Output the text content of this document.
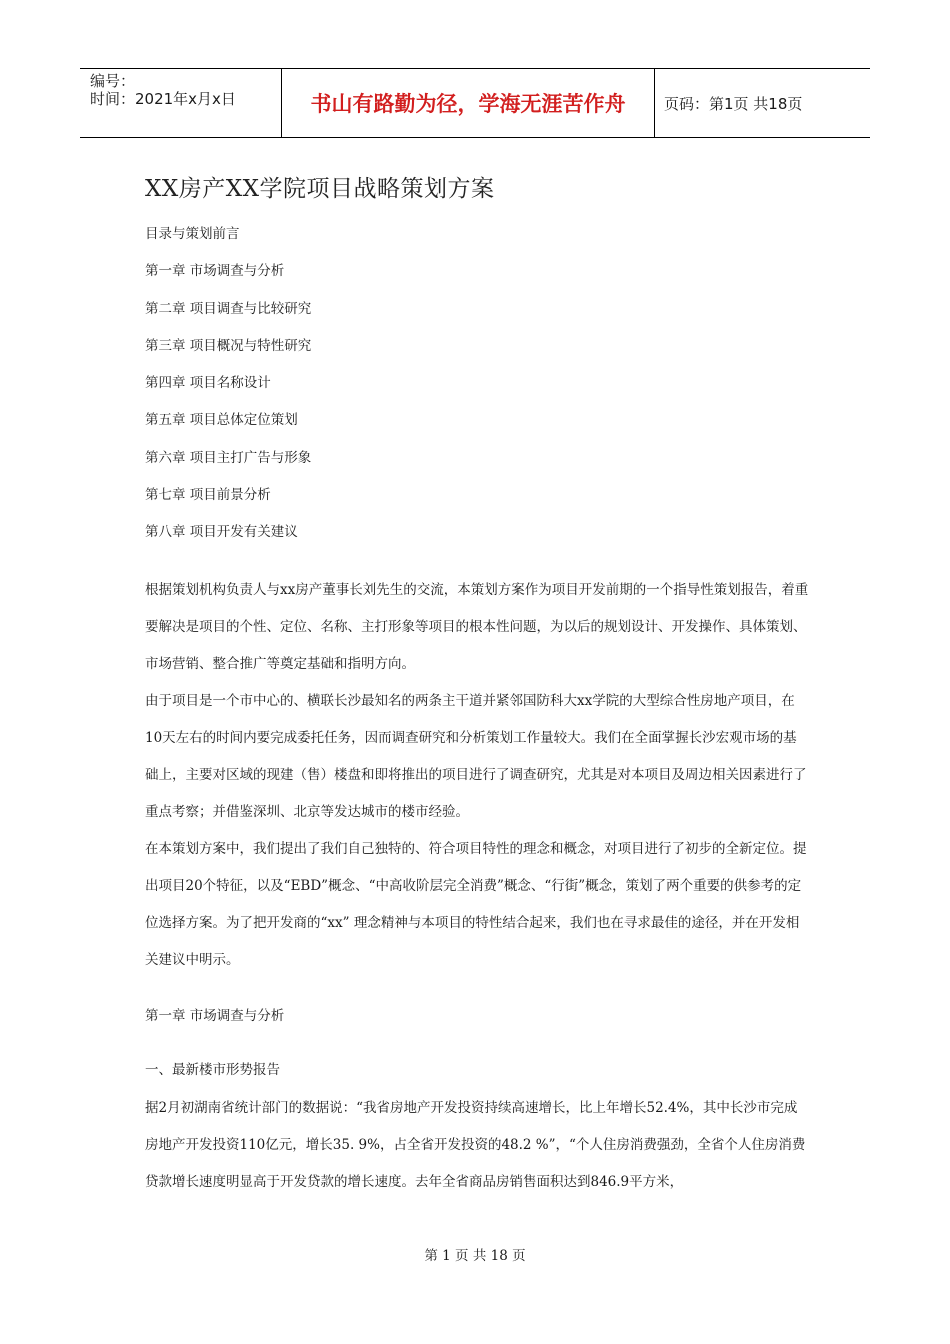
编号：
时间：2021年x月x日	书山有路勤为径，学海无涯苦作舟	页码：第1页 共18页
XX房产XX学院项目战略策划方案
目录与策划前言
第一章 市场调查与分析
第二章 项目调查与比较研究
第三章 项目概况与特性研究
第四章 项目名称设计
第五章 项目总体定位策划
第六章 项目主打广告与形象
第七章 项目前景分析
第八章 项目开发有关建议

根据策划机构负责人与xx房产董事长刘先生的交流，本策划方案作为项目开发前期的一个指导性策划报告，着重要解决是项目的个性、定位、名称、主打形象等项目的根本性问题，为以后的规划设计、开发操作、具体策划、市场营销、整合推广等奠定基础和指明方向。

由于项目是一个市中心的、横联长沙最知名的两条主干道并紧邻国防科大xx学院的大型综合性房地产项目，在10天左右的时间内要完成委托任务，因而调查研究和分析策划工作量较大。我们在全面掌握长沙宏观市场的基础上，主要对区域的现建（售）楼盘和即将推出的项目进行了调查研究，尤其是对本项目及周边相关因素进行了重点考察；并借鉴深圳、北京等发达城市的楼市经验。

在本策划方案中，我们提出了我们自己独特的、符合项目特性的理念和概念，对项目进行了初步的全新定位。提出项目20个特征，以及“EBD”概念、“中高收阶层完全消费”概念、“行街”概念，策划了两个重要的供参考的定位选择方案。为了把开发商的“xx” 理念精神与本项目的特性结合起来，我们也在寻求最佳的途径，并在开发相关建议中明示。

第一章 市场调查与分析
一、最新楼市形势报告
据2月初湖南省统计部门的数据说：“我省房地产开发投资持续高速增长，比上年增长52.4%，其中长沙市完成房地产开发投资110亿元，增长35. 9%，占全省开发投资的48.2 %”，“个人住房消费强劲，全省个人住房消费贷款增长速度明显高于开发贷款的增长速度。去年全省商品房销售面积达到846.9平方米，
第 1 页 共 18 页
